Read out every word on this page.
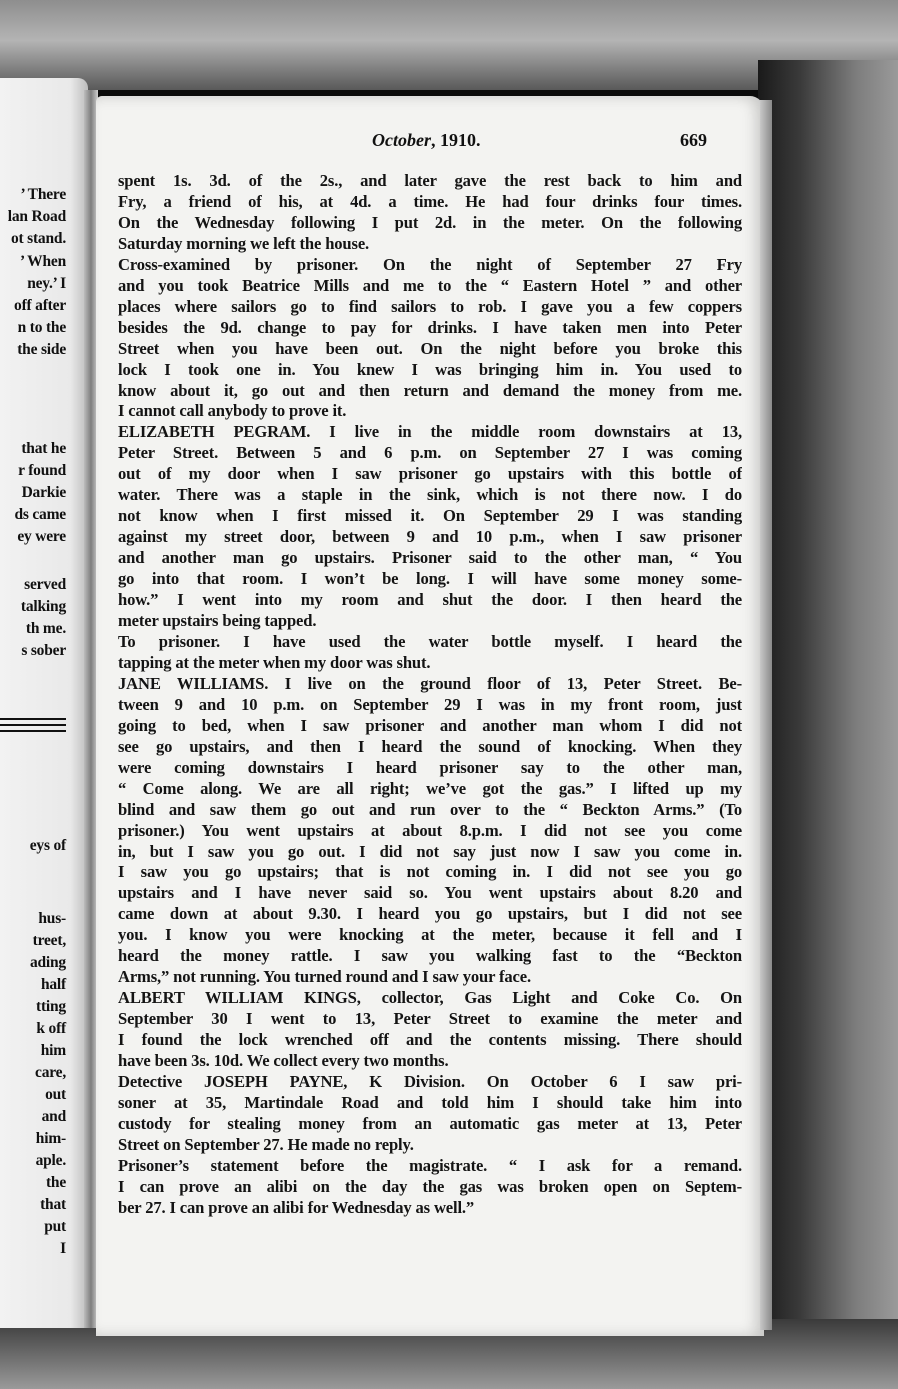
’ There
lan Road
ot stand.
’ When
ney.’ I
off after
n to the
the side
that he
r found
Darkie
ds came
ey were
served
talking
th me.
s sober
eys of
hus-
treet,
ading
half
tting
k off
him
care,
out
and
him-
aple.
the
that
put
I
October, 1910.	669
spent 1s. 3d. of the 2s., and later gave the rest back to him and
Fry, a friend of his, at 4d. a time. He had four drinks four times.
On the Wednesday following I put 2d. in the meter. On the following
Saturday morning we left the house.
Cross-examined by prisoner. On the night of September 27 Fry
and you took Beatrice Mills and me to the “ Eastern Hotel ” and other
places where sailors go to find sailors to rob. I gave you a few coppers
besides the 9d. change to pay for drinks. I have taken men into Peter
Street when you have been out. On the night before you broke this
lock I took one in. You knew I was bringing him in. You used to
know about it, go out and then return and demand the money from me.
I cannot call anybody to prove it.
ELIZABETH PEGRAM. I live in the middle room downstairs at 13,
Peter Street. Between 5 and 6 p.m. on September 27 I was coming
out of my door when I saw prisoner go upstairs with this bottle of
water. There was a staple in the sink, which is not there now. I do
not know when I first missed it. On September 29 I was standing
against my street door, between 9 and 10 p.m., when I saw prisoner
and another man go upstairs. Prisoner said to the other man, “ You
go into that room. I won’t be long. I will have some money some-
how.” I went into my room and shut the door. I then heard the
meter upstairs being tapped.
To prisoner. I have used the water bottle myself. I heard the
tapping at the meter when my door was shut.
JANE WILLIAMS. I live on the ground floor of 13, Peter Street. Be-
tween 9 and 10 p.m. on September 29 I was in my front room, just
going to bed, when I saw prisoner and another man whom I did not
see go upstairs, and then I heard the sound of knocking. When they
were coming downstairs I heard prisoner say to the other man,
“ Come along. We are all right; we’ve got the gas.” I lifted up my
blind and saw them go out and run over to the “ Beckton Arms.” (To
prisoner.) You went upstairs at about 8.p.m. I did not see you come
in, but I saw you go out. I did not say just now I saw you come in.
I saw you go upstairs; that is not coming in. I did not see you go
upstairs and I have never said so. You went upstairs about 8.20 and
came down at about 9.30. I heard you go upstairs, but I did not see
you. I know you were knocking at the meter, because it fell and I
heard the money rattle. I saw you walking fast to the “Beckton
Arms,” not running. You turned round and I saw your face.
ALBERT WILLIAM KINGS, collector, Gas Light and Coke Co. On
September 30 I went to 13, Peter Street to examine the meter and
I found the lock wrenched off and the contents missing. There should
have been 3s. 10d. We collect every two months.
Detective JOSEPH PAYNE, K Division. On October 6 I saw pri-
soner at 35, Martindale Road and told him I should take him into
custody for stealing money from an automatic gas meter at 13, Peter
Street on September 27. He made no reply.
Prisoner’s statement before the magistrate. “ I ask for a remand.
I can prove an alibi on the day the gas was broken open on Septem-
ber 27. I can prove an alibi for Wednesday as well.”
